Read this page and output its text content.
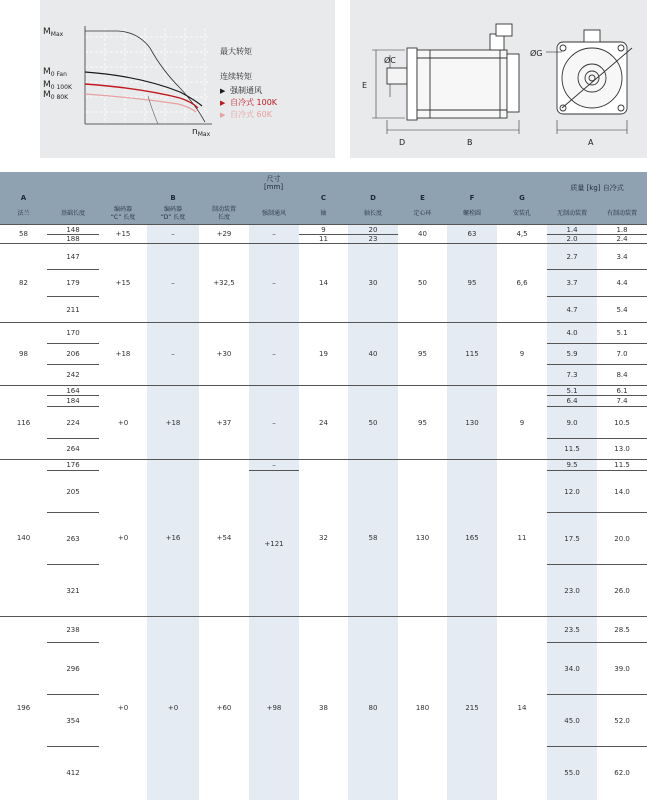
$M_{Max}$
$M_{0 Fan}$
$M_{0 100K}$
$M_{0 80K}$
$n_{Max}$
最大转矩
连续转矩
▶ 强制通风
▶ 自冷式 100K
▶ 自冷式 60K
ØC
E
D	B
ØG
A
尺寸
[mm]											质量 [kg] 自冷式	
A	B					C	D	E	F	G		
法兰	基础长度	编码器
“C” 长度	编码器
“D” 长度	制动装置
长度	强制通风	轴	轴长度	定心环	螺栓圆	安装孔	无制动装置	有制动装置
58	148	+15	–	+29	–	9	20	40	63	4,5	1.4	1.8
	188					11	23				2.0	2.4
82	147	+15	–	+32,5	–	14	30	50	95	6,6	2.7	3.4
	179										3.7	4.4
	211										4.7	5.4
98	170	+18	–	+30	–	19	40	95	115	9	4.0	5.1
	206										5.9	7.0
	242										7.3	8.4
116	164	+0	+18	+37	–	24	50	95	130	9	5.1	6.1
	184										6.4	7.4
	224										9.0	10.5
	264										11.5	13.0
140	176	+0	+16	+54	–	32	58	130	165	11	9.5	11.5
	205				+121						12.0	14.0
	263										17.5	20.0
	321										23.0	26.0
196	238	+0	+0	+60	+98	38	80	180	215	14	23.5	28.5
	296										34.0	39.0
	354										45.0	52.0
	412										55.0	62.0
